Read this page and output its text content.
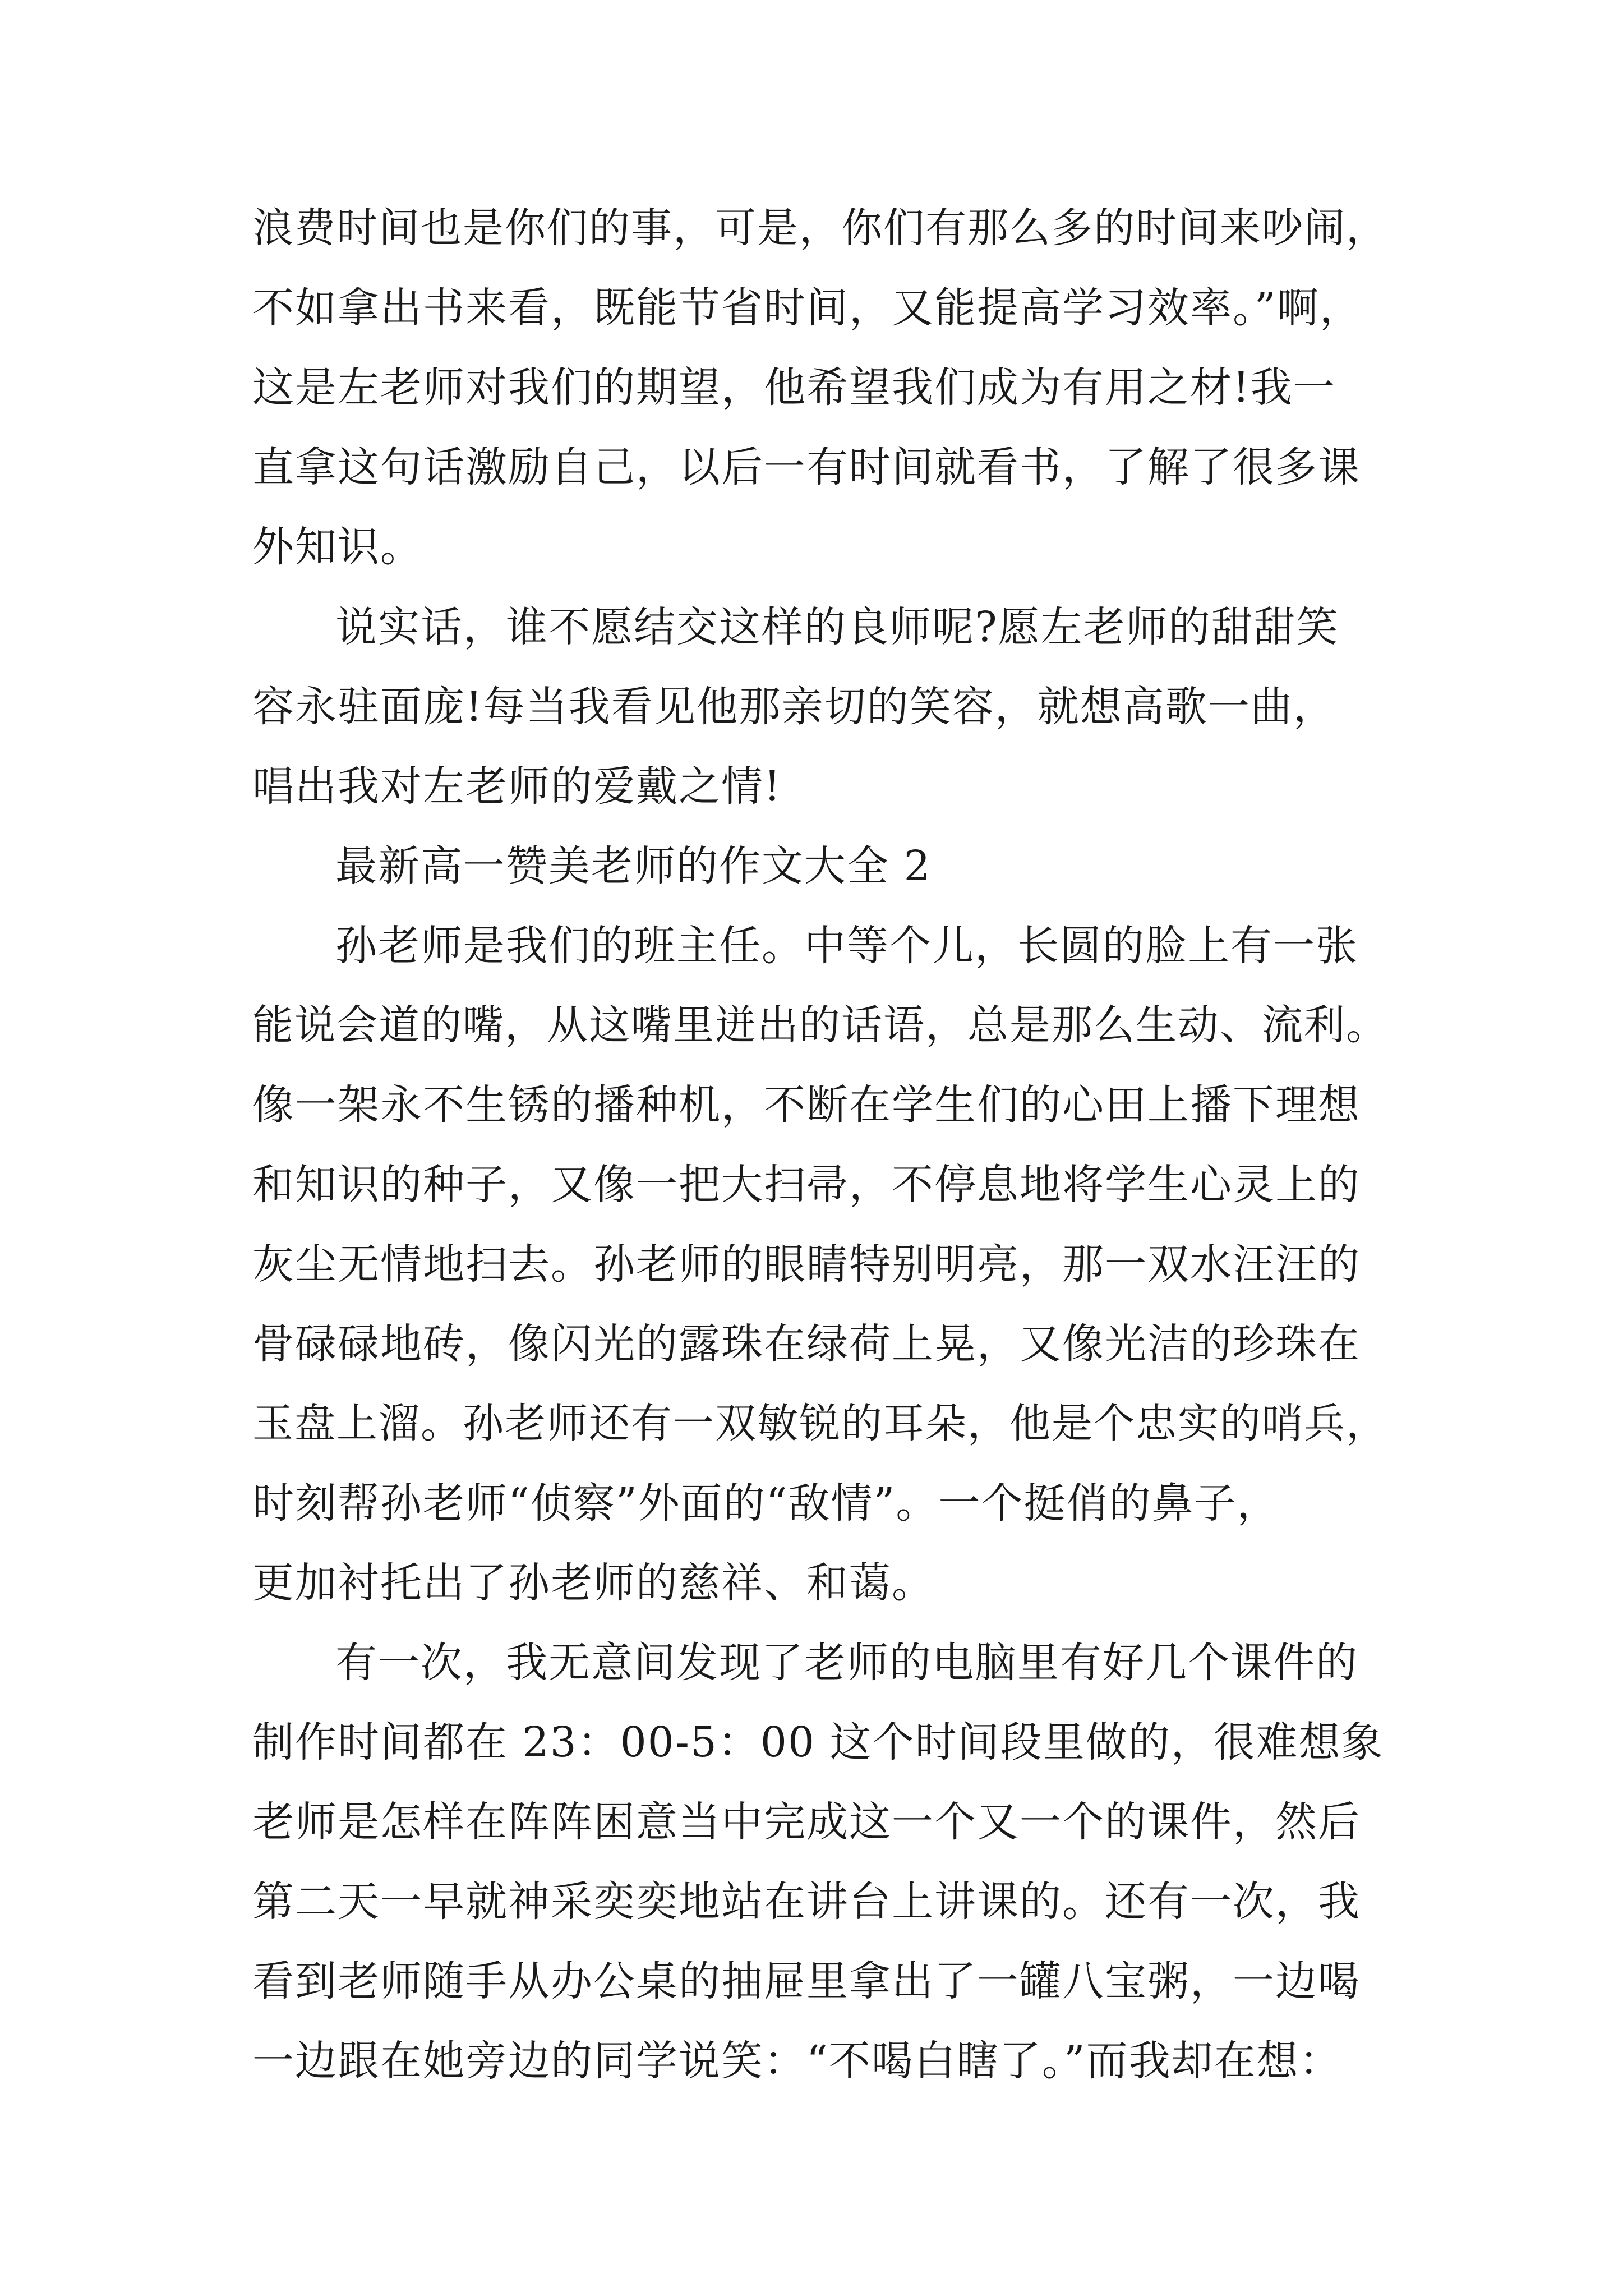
浪费时间也是你们的事，可是，你们有那么多的时间来吵闹，

不如拿出书来看，既能节省时间，又能提高学习效率。”啊，

这是左老师对我们的期望，他希望我们成为有用之材!我一

直拿这句话激励自己，以后一有时间就看书，了解了很多课

外知识。

说实话，谁不愿结交这样的良师呢?愿左老师的甜甜笑

容永驻面庞!每当我看见他那亲切的笑容，就想高歌一曲，

唱出我对左老师的爱戴之情!

最新高一赞美老师的作文大全 2

孙老师是我们的班主任。中等个儿，长圆的脸上有一张

能说会道的嘴，从这嘴里迸出的话语，总是那么生动、流利。

像一架永不生锈的播种机，不断在学生们的心田上播下理想

和知识的种子，又像一把大扫帚，不停息地将学生心灵上的

灰尘无情地扫去。孙老师的眼睛特别明亮，那一双水汪汪的

骨碌碌地砖，像闪光的露珠在绿荷上晃，又像光洁的珍珠在

玉盘上溜。孙老师还有一双敏锐的耳朵，他是个忠实的哨兵，

时刻帮孙老师“侦察”外面的“敌情”。一个挺俏的鼻子，

更加衬托出了孙老师的慈祥、和蔼。

有一次，我无意间发现了老师的电脑里有好几个课件的

制作时间都在 23：00-5：00 这个时间段里做的，很难想象

老师是怎样在阵阵困意当中完成这一个又一个的课件，然后

第二天一早就神采奕奕地站在讲台上讲课的。还有一次，我

看到老师随手从办公桌的抽屉里拿出了一罐八宝粥，一边喝

一边跟在她旁边的同学说笑：“不喝白瞎了。”而我却在想：
